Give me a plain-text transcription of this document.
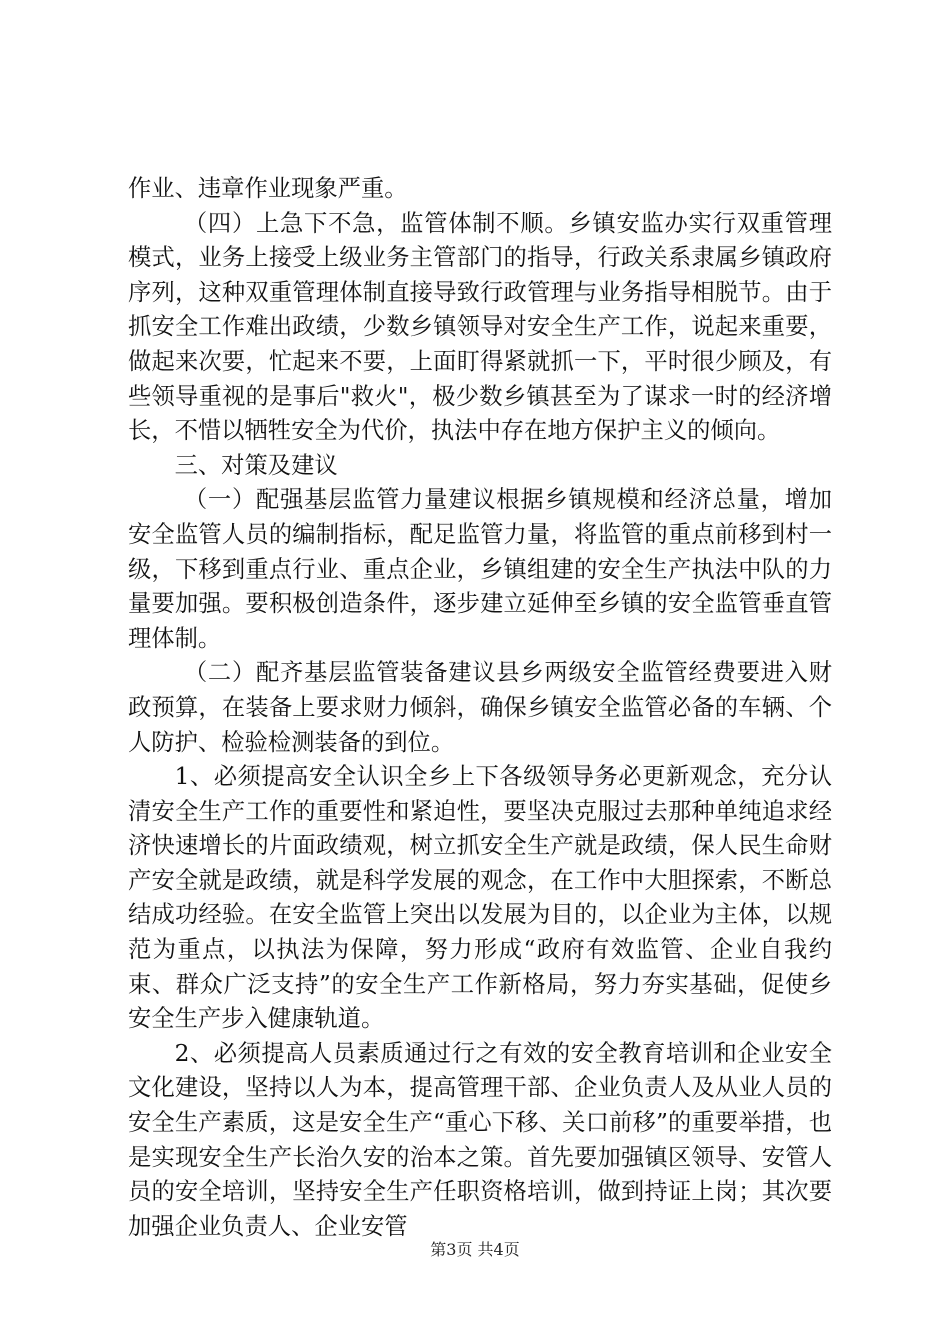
作业、违章作业现象严重。

（四）上急下不急，监管体制不顺。乡镇安监办实行双重管理模式，业务上接受上级业务主管部门的指导，行政关系隶属乡镇政府序列，这种双重管理体制直接导致行政管理与业务指导相脱节。由于抓安全工作难出政绩，少数乡镇领导对安全生产工作，说起来重要，做起来次要，忙起来不要，上面盯得紧就抓一下，平时很少顾及，有些领导重视的是事后"救火"，极少数乡镇甚至为了谋求一时的经济增长，不惜以牺牲安全为代价，执法中存在地方保护主义的倾向。

三、对策及建议

（一）配强基层监管力量建议根据乡镇规模和经济总量，增加安全监管人员的编制指标，配足监管力量，将监管的重点前移到村一级，下移到重点行业、重点企业，乡镇组建的安全生产执法中队的力量要加强。要积极创造条件，逐步建立延伸至乡镇的安全监管垂直管理体制。

（二）配齐基层监管装备建议县乡两级安全监管经费要进入财政预算，在装备上要求财力倾斜，确保乡镇安全监管必备的车辆、个人防护、检验检测装备的到位。

1、必须提高安全认识全乡上下各级领导务必更新观念，充分认清安全生产工作的重要性和紧迫性，要坚决克服过去那种单纯追求经济快速增长的片面政绩观，树立抓安全生产就是政绩，保人民生命财产安全就是政绩，就是科学发展的观念，在工作中大胆探索，不断总结成功经验。在安全监管上突出以发展为目的，以企业为主体，以规范为重点，以执法为保障，努力形成“政府有效监管、企业自我约束、群众广泛支持”的安全生产工作新格局，努力夯实基础，促使乡安全生产步入健康轨道。

2、必须提高人员素质通过行之有效的安全教育培训和企业安全文化建设，坚持以人为本，提高管理干部、企业负责人及从业人员的安全生产素质，这是安全生产“重心下移、关口前移”的重要举措，也是实现安全生产长治久安的治本之策。首先要加强镇区领导、安管人员的安全培训，坚持安全生产任职资格培训，做到持证上岗；其次要加强企业负责人、企业安管

第3页 共4页
